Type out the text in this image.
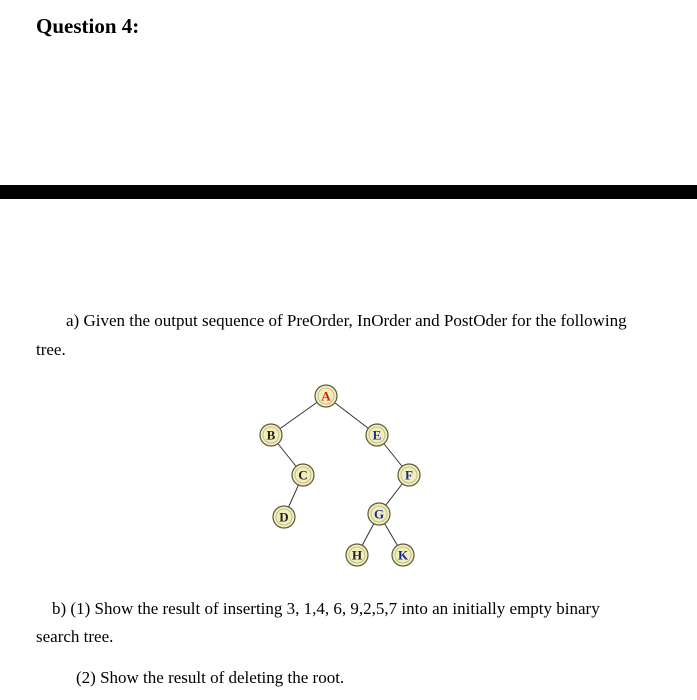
Question 4:
a) Given the output sequence of PreOrder, InOrder and PostOder for the following
tree.
A
B	E
C	F
D	G
H	K
b) (1) Show the result of inserting 3, 1,4, 6, 9,2,5,7 into an initially empty binary
search tree.
(2) Show the result of deleting the root.
